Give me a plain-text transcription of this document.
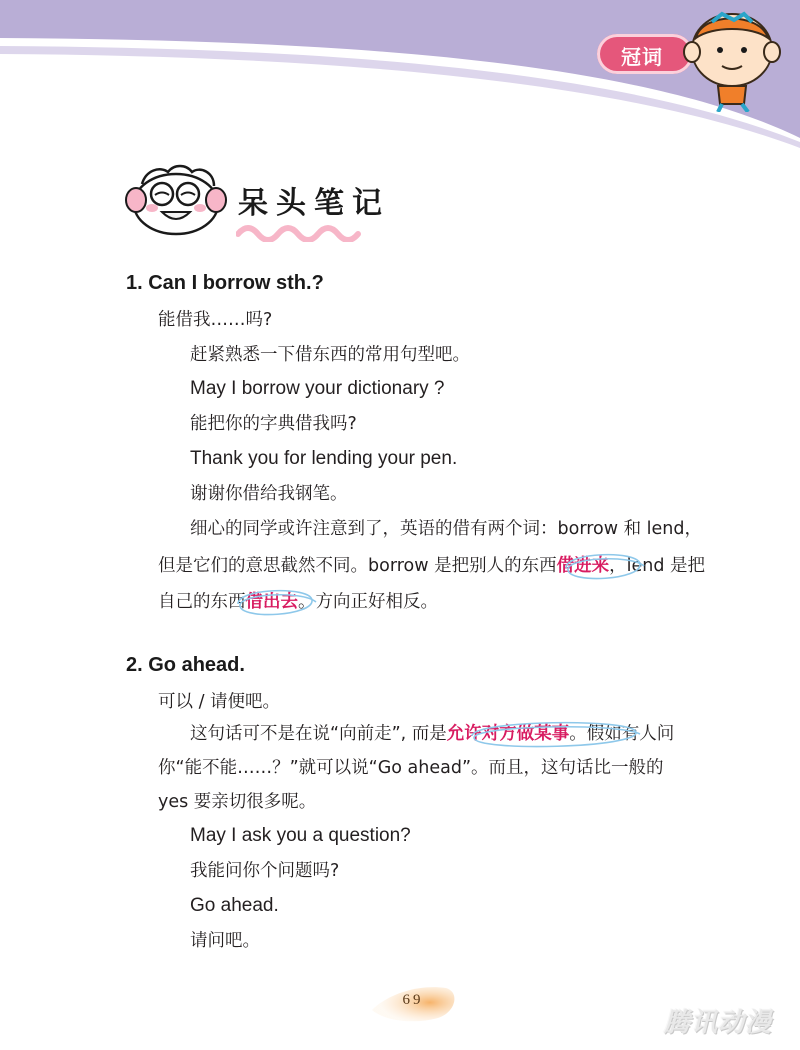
冠词
呆头笔记
1. Can I borrow sth.?
能借我……吗?
赶紧熟悉一下借东西的常用句型吧。
May I borrow your dictionary ?
能把你的字典借我吗?
Thank you for lending your pen.
谢谢你借给我钢笔。
细心的同学或许注意到了，英语的借有两个词：borrow 和 lend，
但是它们的意思截然不同。borrow 是把别人的东西借进来，lend 是把
自己的东西借出去。方向正好相反。
2. Go ahead.
可以 / 请便吧。
这句话可不是在说“向前走”, 而是允许对方做某事。假如有人问
你“能不能……？”就可以说“Go ahead”。而且，这句话比一般的
yes 要亲切很多呢。
May I ask you a question?
我能问你个问题吗?
Go ahead.
请问吧。
69
腾讯动漫
